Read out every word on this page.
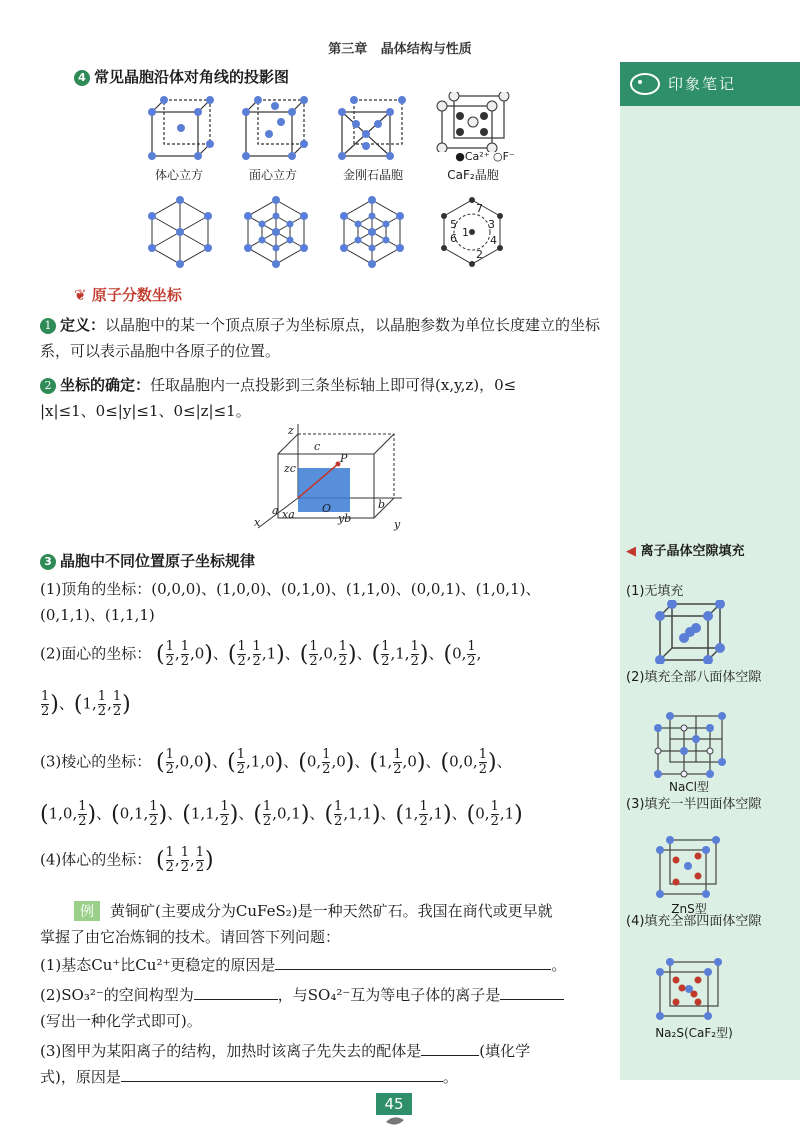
第三章 晶体结构与性质
印象笔记
◀ 离子晶体空隙填充
(1)无填充
(2)填充全部八面体空隙
(3)填充一半四面体空隙
(4)填充全部四面体空隙
NaCl型
ZnS型
Na₂S(CaF₂型)
4 常见晶胞沿体对角线的投影图
●Ca²⁺ ○F⁻
体心立方	面心立方	金刚石晶胞	CaF₂晶胞
7
5
6
3
4
1
2
❦ 原子分数坐标
1 定义：以晶胞中的某一个顶点原子为坐标原点，以晶胞参数为单位长度建立的坐标系，可以表示晶胞中各原子的位置。
2 坐标的确定：任取晶胞内一点投影到三条坐标轴上即可得(x,y,z)，0≤
|x|≤1、0≤|y|≤1、0≤|z|≤1。
z
c
zc
P
b
O
yb
xa
a
x	y
3 晶胞中不同位置原子坐标规律
(1)顶角的坐标：(0,0,0)、(1,0,0)、(0,1,0)、(1,1,0)、(0,0,1)、(1,0,1)、
(0,1,1)、(1,1,1)
(2)面心的坐标： ( $\frac{1}{2}$ , $\frac{1}{2} ,0$)、( $\frac{1}{2}$ , $\frac{1}{2} ,1$)、( $\frac{1}{2} ,0$, $\frac{1}{2}$ )、( $\frac{1}{2} ,1$, $\frac{1}{2}$ )、(0, $\frac{1}{2}$ ,
$\frac{1}{2}$ )、(1, $\frac{1}{2}$ , $\frac{1}{2}$ )
(3)棱心的坐标： ( $\frac{1}{2} ,0,0$)、( $\frac{1}{2} ,1,0$)、(0, $\frac{1}{2} ,0$)、(1, $\frac{1}{2} ,0$)、(0,0, $\frac{1}{2}$ )、
(1,0, $\frac{1}{2}$ )、(0,1, $\frac{1}{2}$ )、(1,1, $\frac{1}{2}$ )、( $\frac{1}{2} ,0,1$)、( $\frac{1}{2} ,1,1$)、(1, $\frac{1}{2} ,1$)、(0, $\frac{1}{2} ,1$)
(4)体心的坐标： ( $\frac{1}{2}$ , $\frac{1}{2}$ , $\frac{1}{2}$ )
例 黄铜矿(主要成分为CuFeS₂)是一种天然矿石。我国在商代或更早就
掌握了由它冶炼铜的技术。请回答下列问题：
(1)基态Cu⁺比Cu²⁺更稳定的原因是	。
(2)SO₃²⁻的空间构型为	，与SO₄²⁻互为等电子体的离子是
(写出一种化学式即可)。
(3)图甲为某阳离子的结构，加热时该离子先失去的配体是	(填化学
式)，原因是	。
45
